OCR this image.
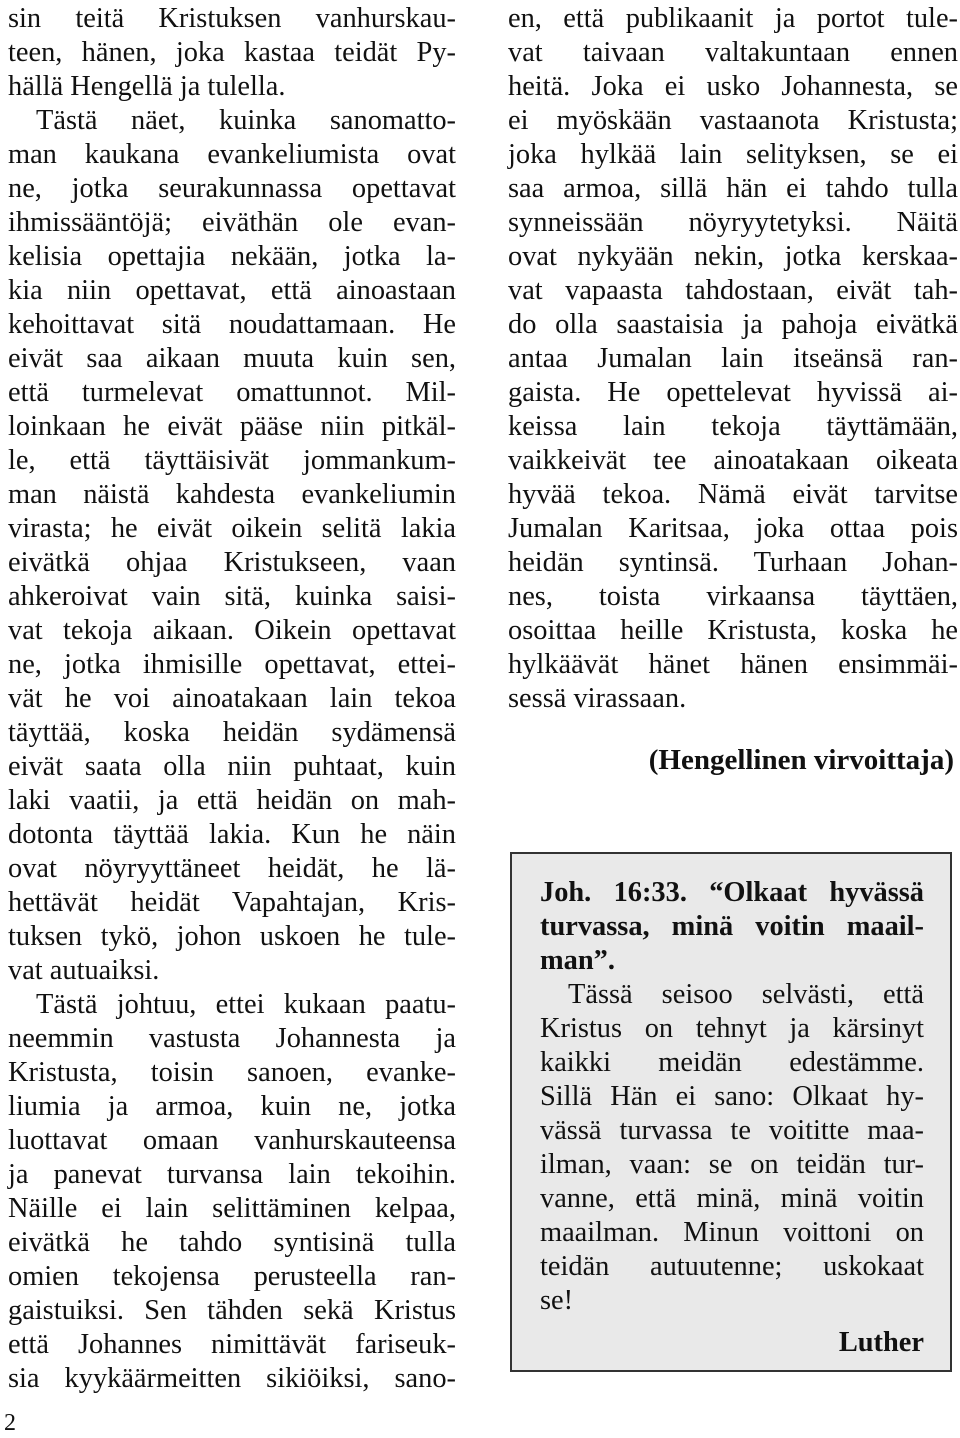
sin teitä Kristuksen vanhurskau-
teen, hänen, joka kastaa teidät Py-
hällä Hengellä ja tulella.
Tästä näet, kuinka sanomatto-
man kaukana evankeliumista ovat
ne, jotka seurakunnassa opettavat
ihmissääntöjä; eiväthän ole evan-
kelisia opettajia nekään, jotka la-
kia niin opettavat, että ainoastaan
kehoittavat sitä noudattamaan. He
eivät saa aikaan muuta kuin sen,
että turmelevat omattunnot. Mil-
loinkaan he eivät pääse niin pitkäl-
le, että täyttäisivät jommankum-
man näistä kahdesta evankeliumin
virasta; he eivät oikein selitä lakia
eivätkä ohjaa Kristukseen, vaan
ahkeroivat vain sitä, kuinka saisi-
vat tekoja aikaan. Oikein opettavat
ne, jotka ihmisille opettavat, ettei-
vät he voi ainoatakaan lain tekoa
täyttää, koska heidän sydämensä
eivät saata olla niin puhtaat, kuin
laki vaatii, ja että heidän on mah-
dotonta täyttää lakia. Kun he näin
ovat nöyryyttäneet heidät, he lä-
hettävät heidät Vapahtajan, Kris-
tuksen tykö, johon uskoen he tule-
vat autuaiksi.
Tästä johtuu, ettei kukaan paatu-
neemmin vastusta Johannesta ja
Kristusta, toisin sanoen, evanke-
liumia ja armoa, kuin ne, jotka
luottavat omaan vanhurskauteensa
ja panevat turvansa lain tekoihin.
Näille ei lain selittäminen kelpaa,
eivätkä he tahdo syntisinä tulla
omien tekojensa perusteella ran-
gaistuiksi. Sen tähden sekä Kristus
että Johannes nimittävät fariseuk-
sia kyykäärmeitten sikiöiksi, sano-
en, että publikaanit ja portot tule-
vat taivaan valtakuntaan ennen
heitä. Joka ei usko Johannesta, se
ei myöskään vastaanota Kristusta;
joka hylkää lain selityksen, se ei
saa armoa, sillä hän ei tahdo tulla
synneissään nöyryytetyksi. Näitä
ovat nykyään nekin, jotka kerskaa-
vat vapaasta tahdostaan, eivät tah-
do olla saastaisia ja pahoja eivätkä
antaa Jumalan lain itseänsä ran-
gaista. He opettelevat hyvissä ai-
keissa lain tekoja täyttämään,
vaikkeivät tee ainoatakaan oikeata
hyvää tekoa. Nämä eivät tarvitse
Jumalan Karitsaa, joka ottaa pois
heidän syntinsä. Turhaan Johan-
nes, toista virkaansa täyttäen,
osoittaa heille Kristusta, koska he
hylkäävät hänet hänen ensimmäi-
sessä virassaan.
(Hengellinen virvoittaja)
Joh. 16:33. “Olkaat hyvässä
turvassa, minä voitin maail-
man”.
Tässä seisoo selvästi, että
Kristus on tehnyt ja kärsinyt
kaikki meidän edestämme.
Sillä Hän ei sano: Olkaat hy-
vässä turvassa te voititte maa-
ilman, vaan: se on teidän tur-
vanne, että minä, minä voitin
maailman. Minun voittoni on
teidän autuutenne; uskokaat
se!
Luther
2
